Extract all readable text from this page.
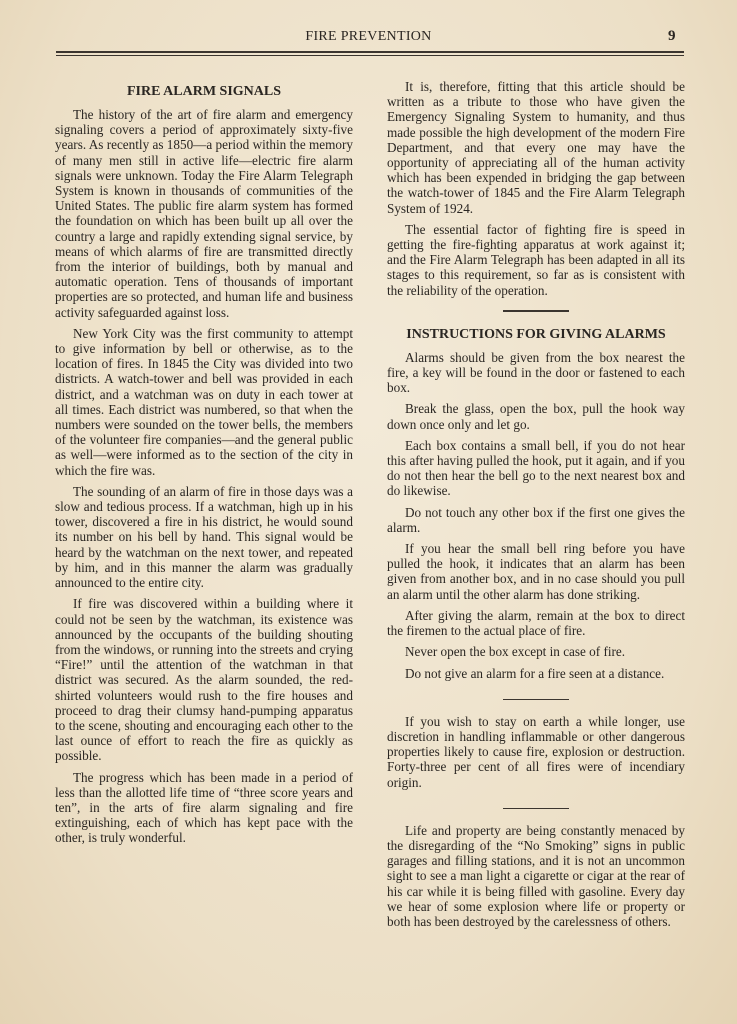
FIRE PREVENTION	9
FIRE ALARM SIGNALS

The history of the art of fire alarm and emergency signaling covers a period of approximately sixty-five years. As recently as 1850—a period within the memory of many men still in active life—electric fire alarm signals were unknown. Today the Fire Alarm Telegraph System is known in thousands of communities of the United States. The public fire alarm system has formed the foundation on which has been built up all over the country a large and rapidly extending signal service, by means of which alarms of fire are transmitted directly from the interior of buildings, both by manual and automatic operation. Tens of thousands of important properties are so protected, and human life and business activity safeguarded against loss.

New York City was the first community to attempt to give information by bell or otherwise, as to the location of fires. In 1845 the City was divided into two districts. A watch-tower and bell was provided in each district, and a watchman was on duty in each tower at all times. Each district was numbered, so that when the numbers were sounded on the tower bells, the members of the volunteer fire companies—and the general public as well—were informed as to the section of the city in which the fire was.

The sounding of an alarm of fire in those days was a slow and tedious process. If a watchman, high up in his tower, discovered a fire in his district, he would sound its number on his bell by hand. This signal would be heard by the watchman on the next tower, and repeated by him, and in this manner the alarm was gradually announced to the entire city.

If fire was discovered within a building where it could not be seen by the watchman, its existence was announced by the occupants of the building shouting from the windows, or running into the streets and crying “Fire!” until the attention of the watchman in that district was secured. As the alarm sounded, the red-shirted volunteers would rush to the fire houses and proceed to drag their clumsy hand-pumping apparatus to the scene, shouting and encouraging each other to the last ounce of effort to reach the fire as quickly as possible.

The progress which has been made in a period of less than the allotted life time of “three score years and ten”, in the arts of fire alarm signaling and fire extinguishing, each of which has kept pace with the other, is truly wonderful.

It is, therefore, fitting that this article should be written as a tribute to those who have given the Emergency Signaling System to humanity, and thus made possible the high development of the modern Fire Department, and that every one may have the opportunity of appreciating all of the human activity which has been expended in bridging the gap between the watch-tower of 1845 and the Fire Alarm Telegraph System of 1924.

The essential factor of fighting fire is speed in getting the fire-fighting apparatus at work against it; and the Fire Alarm Telegraph has been adapted in all its stages to this requirement, so far as is consistent with the reliability of the operation.

INSTRUCTIONS FOR GIVING ALARMS

Alarms should be given from the box nearest the fire, a key will be found in the door or fastened to each box.

Break the glass, open the box, pull the hook way down once only and let go.

Each box contains a small bell, if you do not hear this after having pulled the hook, put it again, and if you do not then hear the bell go to the next nearest box and do likewise.

Do not touch any other box if the first one gives the alarm.

If you hear the small bell ring before you have pulled the hook, it indicates that an alarm has been given from another box, and in no case should you pull an alarm until the other alarm has done striking.

After giving the alarm, remain at the box to direct the firemen to the actual place of fire.

Never open the box except in case of fire.

Do not give an alarm for a fire seen at a distance.

If you wish to stay on earth a while longer, use discretion in handling inflammable or other dangerous properties likely to cause fire, explosion or destruction. Forty-three per cent of all fires were of incendiary origin.

Life and property are being constantly menaced by the disregarding of the “No Smoking” signs in public garages and filling stations, and it is not an uncommon sight to see a man light a cigarette or cigar at the rear of his car while it is being filled with gasoline. Every day we hear of some explosion where life or property or both has been destroyed by the carelessness of others.
